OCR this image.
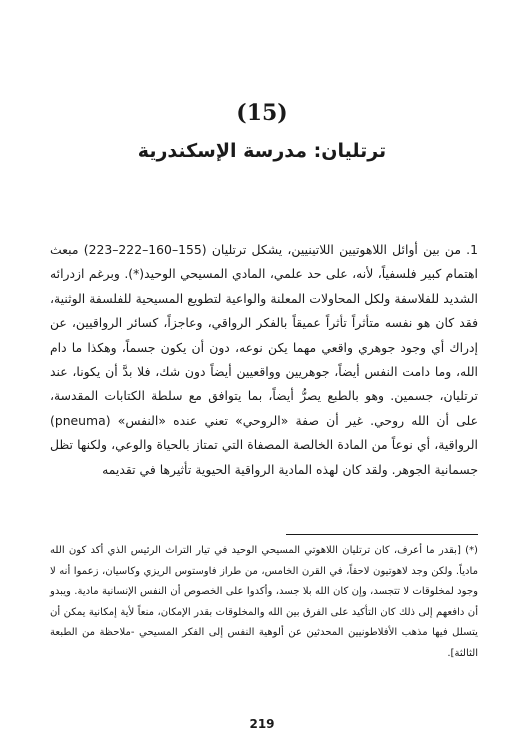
(15)
ترتليان: مدرسة الإسكندرية
1. من بين أوائل اللاهوتيين اللاتينيين، يشكل ترتليان (155–160–222–223) مبعث اهتمام كبير فلسفياً، لأنه، على حد علمي، المادي المسيحي الوحيد(*). وبرغم ازدرائه الشديد للفلاسفة ولكل المحاولات المعلنة والواعية لتطويع المسيحية للفلسفة الوثنية، فقد كان هو نفسه متأثراً تأثراً عميقاً بالفكر الرواقي، وعاجزاً، كسائر الرواقيين، عن إدراك أي وجود جوهري واقعي مهما يكن نوعه، دون أن يكون جسماً، وهكذا ما دام الله، وما دامت النفس أيضاً، جوهريين وواقعيين أيضاً دون شك، فلا بدَّ أن يكونا، عند ترتليان، جسمين. وهو بالطبع يصرُّ أيضاً، بما يتوافق مع سلطة الكتابات المقدسة، على أن الله روحي. غير أن صفة «الروحي» تعني عنده «النفس» (pneuma) الرواقية، أي نوعاً من المادة الخالصة المصفاة التي تمتاز بالحياة والوعي، ولكنها تظل جسمانية الجوهر. ولقد كان لهذه المادية الرواقية الحيوية تأثيرها في تقديمه
(*) [بقدر ما أعرف، كان ترتليان اللاهوتي المسيحي الوحيد في تيار التراث الرئيس الذي أكد كون الله مادياً. ولكن وجد لاهوتيون لاحقاً، في القرن الخامس، من طراز فاوستوس الريزي وكاسيان، زعموا أنه لا وجود لمخلوقات لا تتجسد، وإن كان الله بلا جسد، وأكدوا على الخصوص أن النفس الإنسانية مادية. ويبدو أن دافعهم إلى ذلك كان التأكيد على الفرق بين الله والمخلوقات بقدر الإمكان، منعاً لأية إمكانية يمكن أن يتسلل فيها مذهب الأفلاطونيين المحدثين عن ألوهية النفس إلى الفكر المسيحي -ملاحظة من الطبعة الثالثة].
219
